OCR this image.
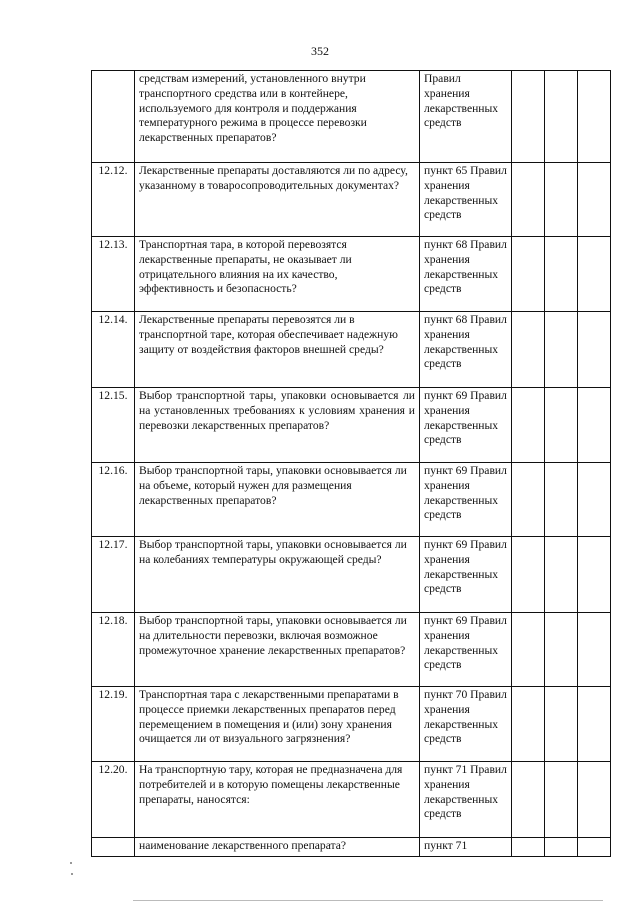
352
	средствам измерений, установленного внутри транспортного средства или в контейнере, используемого для контроля и поддержания температурного режима в процессе перевозки лекарственных препаратов?	Правил хранения лекарственных средств			
12.12.	Лекарственные препараты доставляются ли по адресу, указанному в товаросопроводительных документах?	пункт 65 Правил хранения лекарственных средств			
12.13.	Транспортная тара, в которой перевозятся лекарственные препараты, не оказывает ли отрицательного влияния на их качество, эффективность и безопасность?	пункт 68 Правил хранения лекарственных средств			
12.14.	Лекарственные препараты перевозятся ли в транспортной таре, которая обеспечивает надежную защиту от воздействия факторов внешней среды?	пункт 68 Правил хранения лекарственных средств			
12.15.	Выбор транспортной тары, упаковки основывается ли на установленных требованиях к условиям хранения и перевозки лекарственных препаратов?	пункт 69 Правил хранения лекарственных средств			
12.16.	Выбор транспортной тары, упаковки основывается ли на объеме, который нужен для размещения лекарственных препаратов?	пункт 69 Правил хранения лекарственных средств			
12.17.	Выбор транспортной тары, упаковки основывается ли на колебаниях температуры окружающей среды?	пункт 69 Правил хранения лекарственных средств			
12.18.	Выбор транспортной тары, упаковки основывается ли на длительности перевозки, включая возможное промежуточное хранение лекарственных препаратов?	пункт 69 Правил хранения лекарственных средств			
12.19.	Транспортная тара с лекарственными препаратами в процессе приемки лекарственных препаратов перед перемещением в помещения и (или) зону хранения очищается ли от визуального загрязнения?	пункт 70 Правил хранения лекарственных средств			
12.20.	На транспортную тару, которая не предназначена для потребителей и в которую помещены лекарственные препараты, наносятся:	пункт 71 Правил хранения лекарственных средств			
	наименование лекарственного препарата?	пункт 71			
